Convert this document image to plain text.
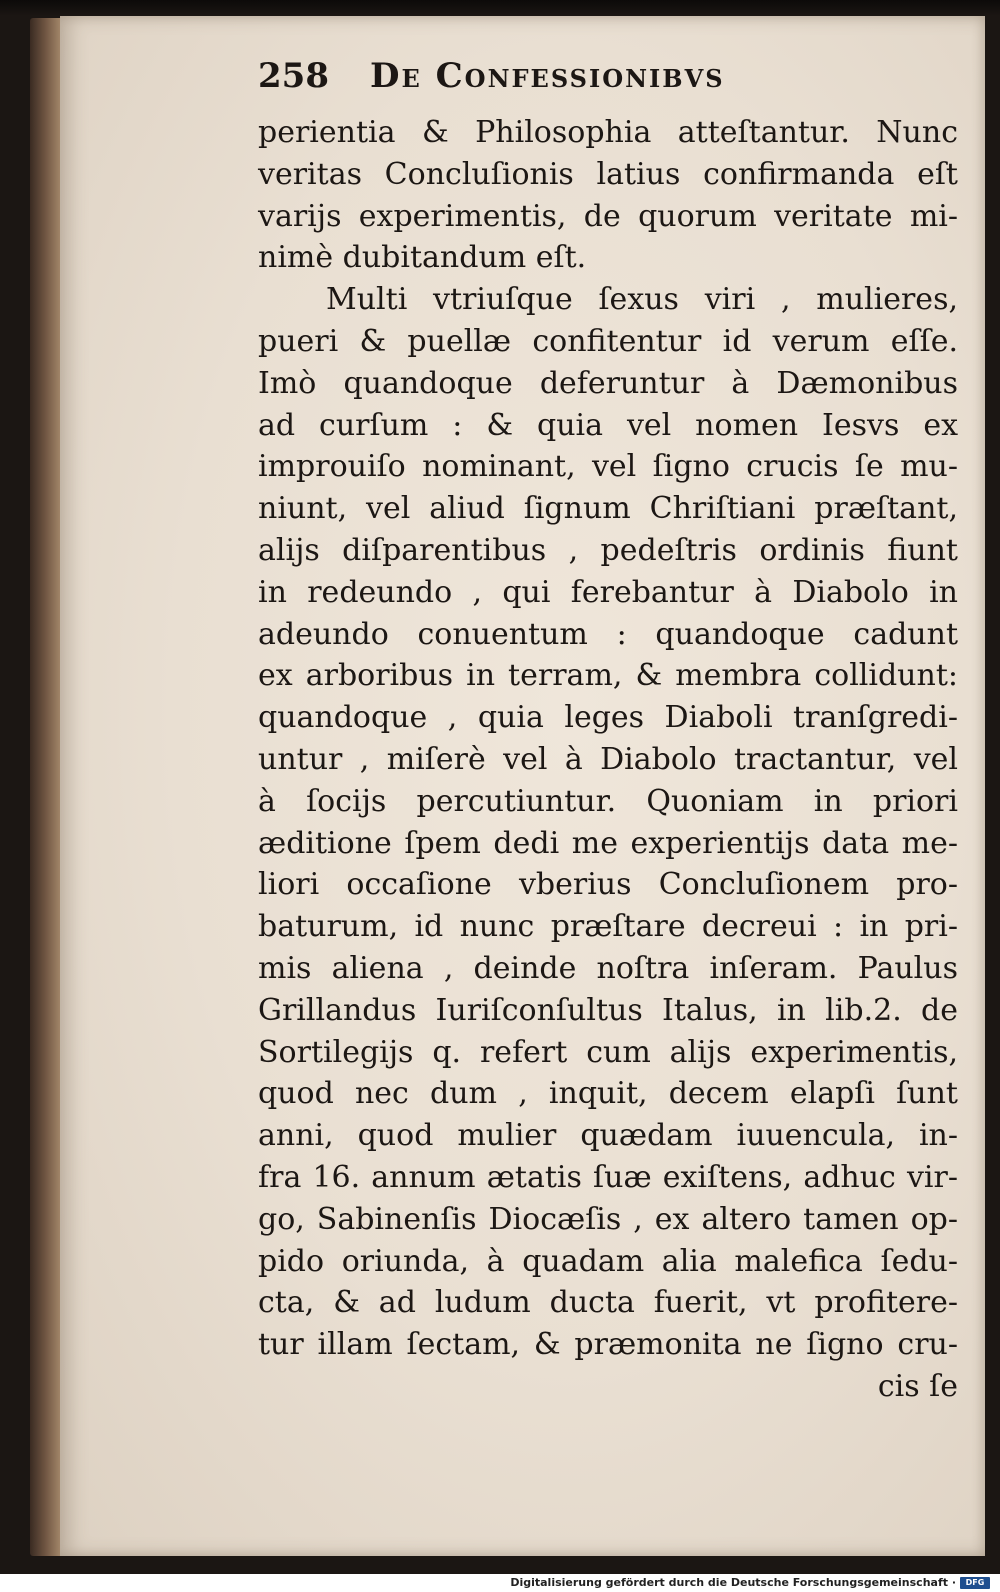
258 De Confessionibvs
perientia & Philosophia atteſtantur. Nunc
veritas Concluſionis latius confirmanda eſt
varijs experimentis, de quorum veritate mi-
nimè dubitandum eſt.
Multi vtriuſque ſexus viri , mulieres,
pueri & puellæ confitentur id verum eſſe.
Imò quandoque deferuntur à Dæmonibus
ad curſum : & quia vel nomen Iesvs ex
improuiſo nominant, vel ſigno crucis ſe mu-
niunt, vel aliud ſignum Chriſtiani præſtant,
alijs diſparentibus , pedeſtris ordinis fiunt
in redeundo , qui ferebantur à Diabolo in
adeundo conuentum : quandoque cadunt
ex arboribus in terram, & membra collidunt:
quandoque , quia leges Diaboli tranſgredi-
untur , miſerè vel à Diabolo tractantur, vel
à ſocijs percutiuntur. Quoniam in priori
æditione ſpem dedi me experientijs data me-
liori occaſione vberius Concluſionem pro-
baturum, id nunc præſtare decreui : in pri-
mis aliena , deinde noſtra inſeram. Paulus
Grillandus Iuriſconſultus Italus, in lib.2. de
Sortilegijs q. refert cum alijs experimentis,
quod nec dum , inquit, decem elapſi ſunt
anni, quod mulier quædam iuuencula, in-
fra 16. annum ætatis ſuæ exiſtens, adhuc vir-
go, Sabinenſis Diocæſis , ex altero tamen op-
pido oriunda, à quadam alia malefica ſedu-
cta, & ad ludum ducta fuerit, vt profitere-
tur illam ſectam, & præmonita ne ſigno cru-
cis ſe
Digitalisierung gefördert durch die Deutsche Forschungsgemeinschaft ·	DFG
